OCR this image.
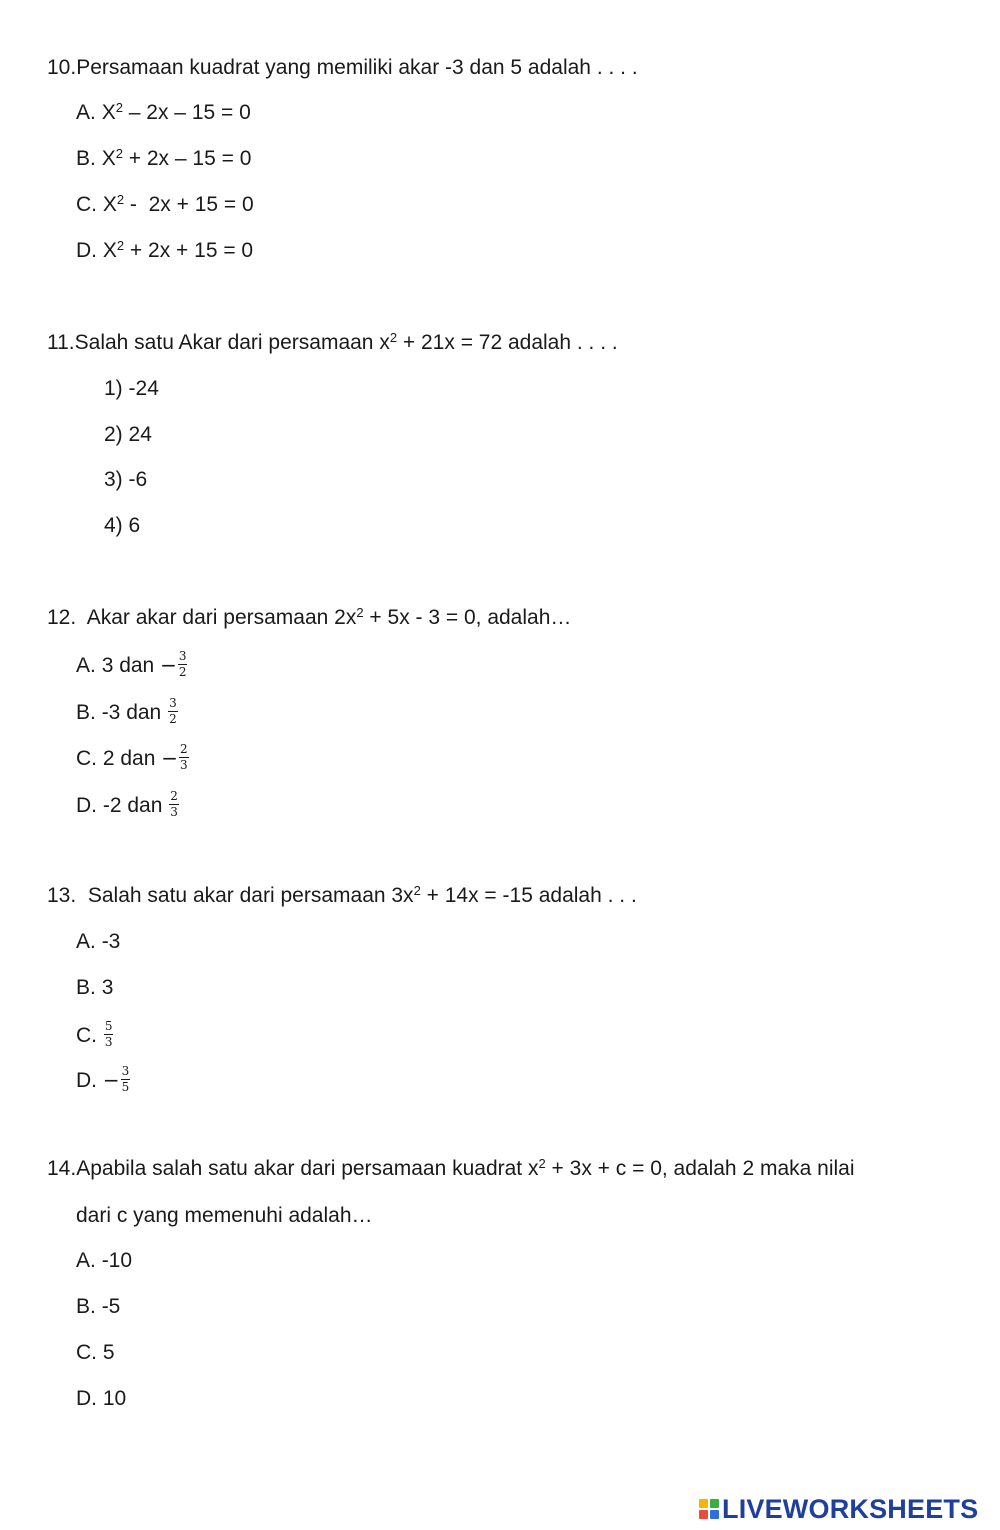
10.Persamaan kuadrat yang memiliki akar -3 dan 5 adalah . . . .
A. $X^2 - 2x - 15 = 0$
B. $X^2 + 2x - 15 = 0$
C. $X^2 - 2x + 15 = 0$
D. $X^2 + 2x + 15 = 0$
11.Salah satu Akar dari persamaan $x^2 + 21x = 72$ adalah . . . .
1) -24
2) 24
3) -6
4) 6
12. Akar akar dari persamaan $2x^2 + 5x - 3 = 0$, adalah…
A. 3 dan − $\frac{3}{2}$
B. -3 dan $\frac{3}{2}$
C. 2 dan − $\frac{2}{3}$
D. -2 dan $\frac{2}{3}$
13. Salah satu akar dari persamaan $3x^2 + 14x = -15$ adalah . . .
A. -3
B. 3
C. $\frac{5}{3}$
D. − $\frac{3}{5}$
14.Apabila salah satu akar dari persamaan kuadrat $x^2 + 3x + c = 0$, adalah 2 maka nilai
dari c yang memenuhi adalah…
A. -10
B. -5
C. 5
D. 10
LIVEWORKSHEETS
